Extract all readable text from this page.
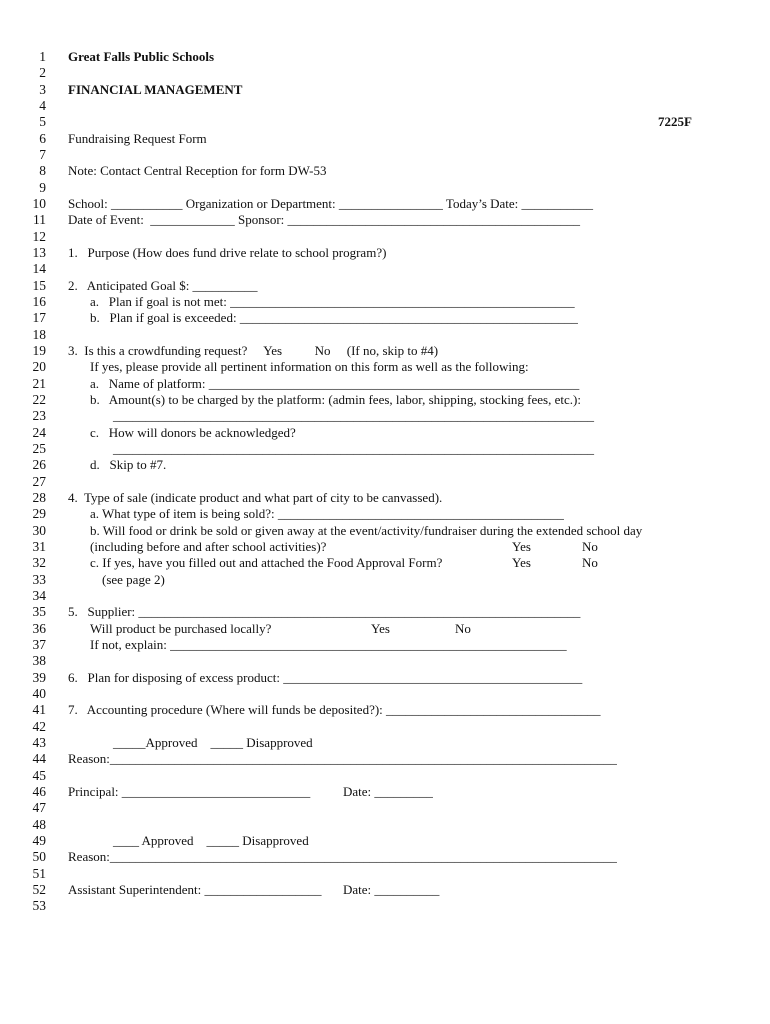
1 Great Falls Public Schools
2
3 FINANCIAL MANAGEMENT
4
5	7225F
6 Fundraising Request Form
7
8 Note: Contact Central Reception for form DW-53
9
10 School: ___________ Organization or Department: ________________ Today’s Date: ___________
11 Date of Event:  _____________ Sponsor: _____________________________________________
12
13 1.   Purpose (How does fund drive relate to school program?)
14
15 2.   Anticipated Goal $: __________
16	a.   Plan if goal is not met: _____________________________________________________
17	b.   Plan if goal is exceeded: ____________________________________________________
18
19 3.  Is this a crowdfunding request?     Yes          No     (If no, skip to #4)
20	If yes, please provide all pertinent information on this form as well as the following:
21	a.   Name of platform: _________________________________________________________
22	b.   Amount(s) to be charged by the platform: (admin fees, labor, shipping, stocking fees, etc.):
23	__________________________________________________________________________
24	c.   How will donors be acknowledged?
25	__________________________________________________________________________
26	d.   Skip to #7.
27
28 4.  Type of sale (indicate product and what part of city to be canvassed).
29	a. What type of item is being sold?: ____________________________________________
30	b. Will food or drink be sold or given away at the event/activity/fundraiser during the extended school day
31	(including before and after school activities)?	Yes	No
32	c. If yes, have you filled out and attached the Food Approval Form?	Yes	No
33	(see page 2)
34
35 5.   Supplier: ____________________________________________________________________
36	Will product be purchased locally?	Yes	No
37	If not, explain: _____________________________________________________________
38
39 6.   Plan for disposing of excess product: ______________________________________________
40
41 7.   Accounting procedure (Where will funds be deposited?): _________________________________
42
43	_____Approved    _____ Disapproved
44 Reason:______________________________________________________________________________
45
46 Principal: _____________________________	Date: _________
47
48
49	____ Approved    _____ Disapproved
50 Reason:______________________________________________________________________________
51
52 Assistant Superintendent: __________________ Date: __________
53
